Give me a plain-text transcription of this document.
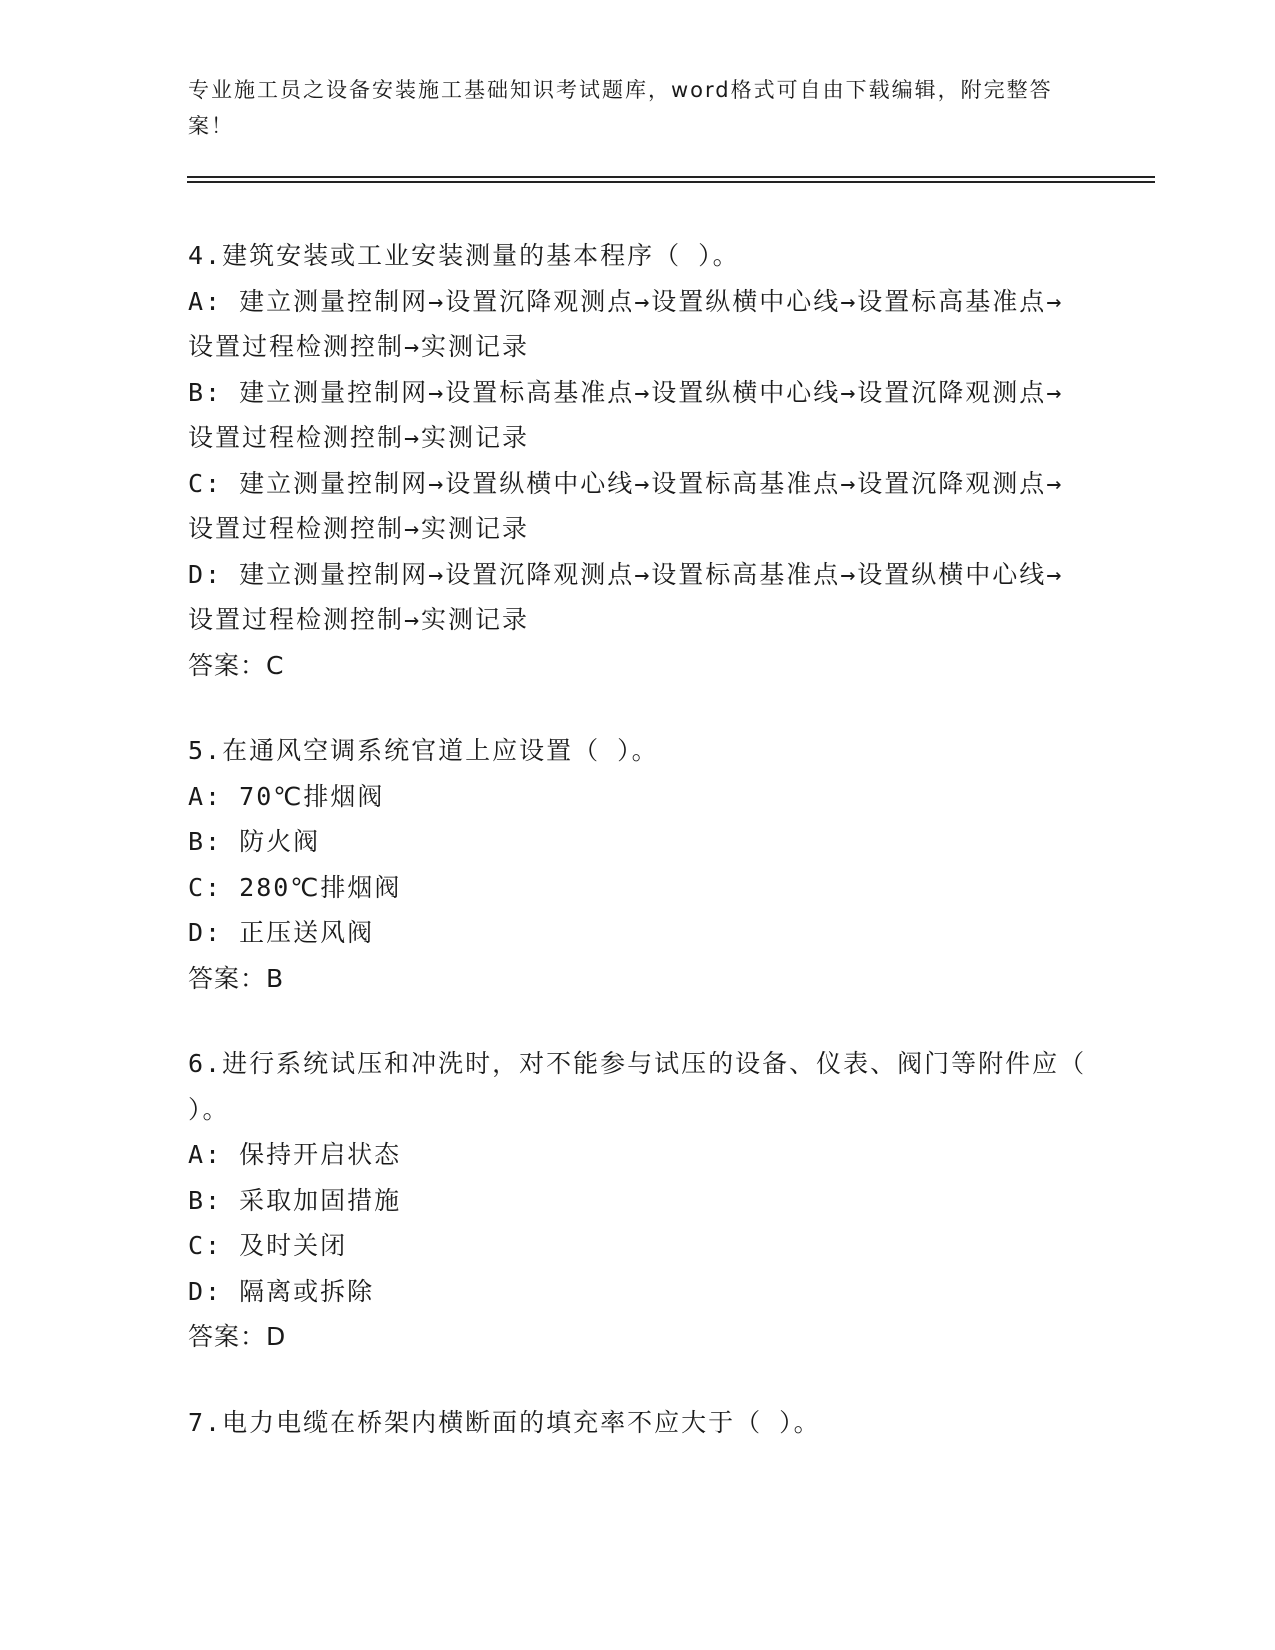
专业施工员之设备安装施工基础知识考试题库，word格式可自由下载编辑，附完整答案！
4.建筑安装或工业安装测量的基本程序（ ）。
A: 建立测量控制网→设置沉降观测点→设置纵横中心线→设置标高基准点→设置过程检测控制→实测记录
B: 建立测量控制网→设置标高基准点→设置纵横中心线→设置沉降观测点→设置过程检测控制→实测记录
C: 建立测量控制网→设置纵横中心线→设置标高基准点→设置沉降观测点→设置过程检测控制→实测记录
D: 建立测量控制网→设置沉降观测点→设置标高基准点→设置纵横中心线→设置过程检测控制→实测记录
答案：C
5.在通风空调系统官道上应设置（ ）。
A: 70℃排烟阀
B: 防火阀
C: 280℃排烟阀
D: 正压送风阀
答案：B
6.进行系统试压和冲洗时，对不能参与试压的设备、仪表、阀门等附件应（ ）。
A: 保持开启状态
B: 采取加固措施
C: 及时关闭
D: 隔离或拆除
答案：D
7.电力电缆在桥架内横断面的填充率不应大于（ ）。
